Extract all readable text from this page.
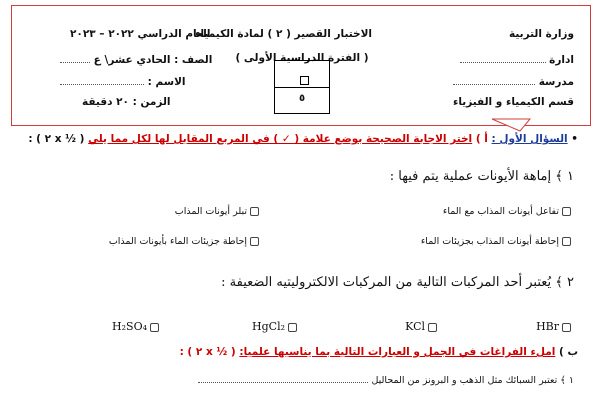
وزارة التربية
ادارة
مدرسة
قسم الكيمياء و الفيزياء
الاختبار القصير ( ٢ ) لمادة الكيمياء
( الفترة الدراسية الأولى )
٥
العام الدراسي ٢٠٢٢ – ٢٠٢٣
الصف : الحادي عشر\ ع
الاسم :
الزمن : ٢٠ دقيقة
• السؤال الأول : أ ) اختر الاجابة الصحيحة بوضع علامة ( ✓ ) في المربع المقابل لها لكل مما يلي ( ½ x ٢ ) :
١ ﴾ إماهة الأيونات عملية يتم فيها :
تفاعل أيونات المذاب مع الماء
تبلر أيونات المذاب
إحاطة أيونات المذاب بجزيئات الماء
إحاطة جزيئات الماء بأيونات المذاب
٢ ﴾ يُعتبر أحد المركبات التالية من المركبات الالكتروليتيه الضعيفة :
HBr
KCl
HgCl₂
H₂SO₄
ب ) املء الفراغات في الجمل و العبارات التالية بما يناسبها علميا: ( ½ x ٢ ) :
١ ﴾ تعتبر السبائك مثل الذهب و البرونز من المحاليل
